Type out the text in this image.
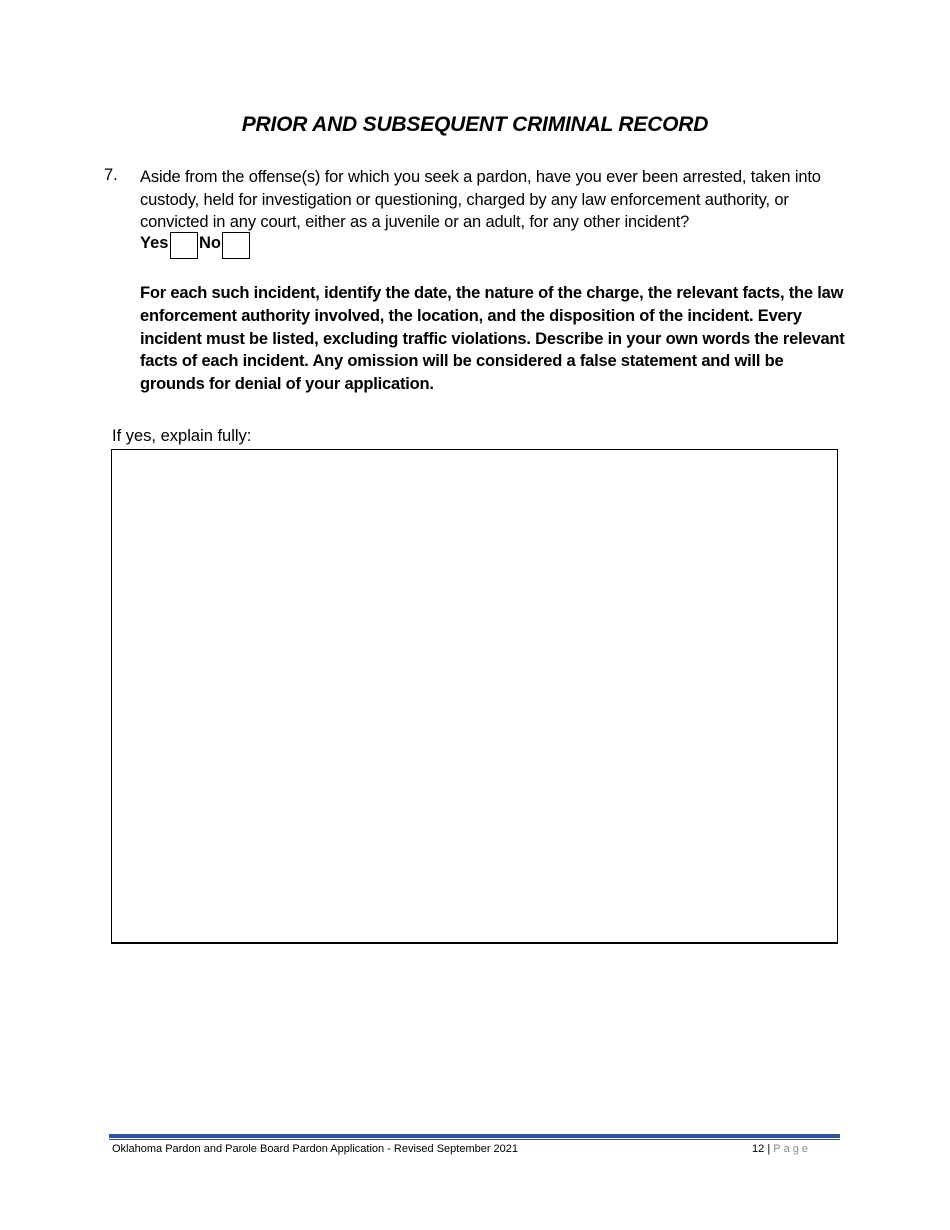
PRIOR AND SUBSEQUENT CRIMINAL RECORD
7. Aside from the offense(s) for which you seek a pardon, have you ever been arrested, taken into custody, held for investigation or questioning, charged by any law enforcement authority, or convicted in any court, either as a juvenile or an adult, for any other incident?
Yes No
For each such incident, identify the date, the nature of the charge, the relevant facts, the law enforcement authority involved, the location, and the disposition of the incident. Every incident must be listed, excluding traffic violations. Describe in your own words the relevant facts of each incident. Any omission will be considered a false statement and will be grounds for denial of your application.
If yes, explain fully:
Oklahoma Pardon and Parole Board Pardon Application - Revised September 2021	12 | Page
